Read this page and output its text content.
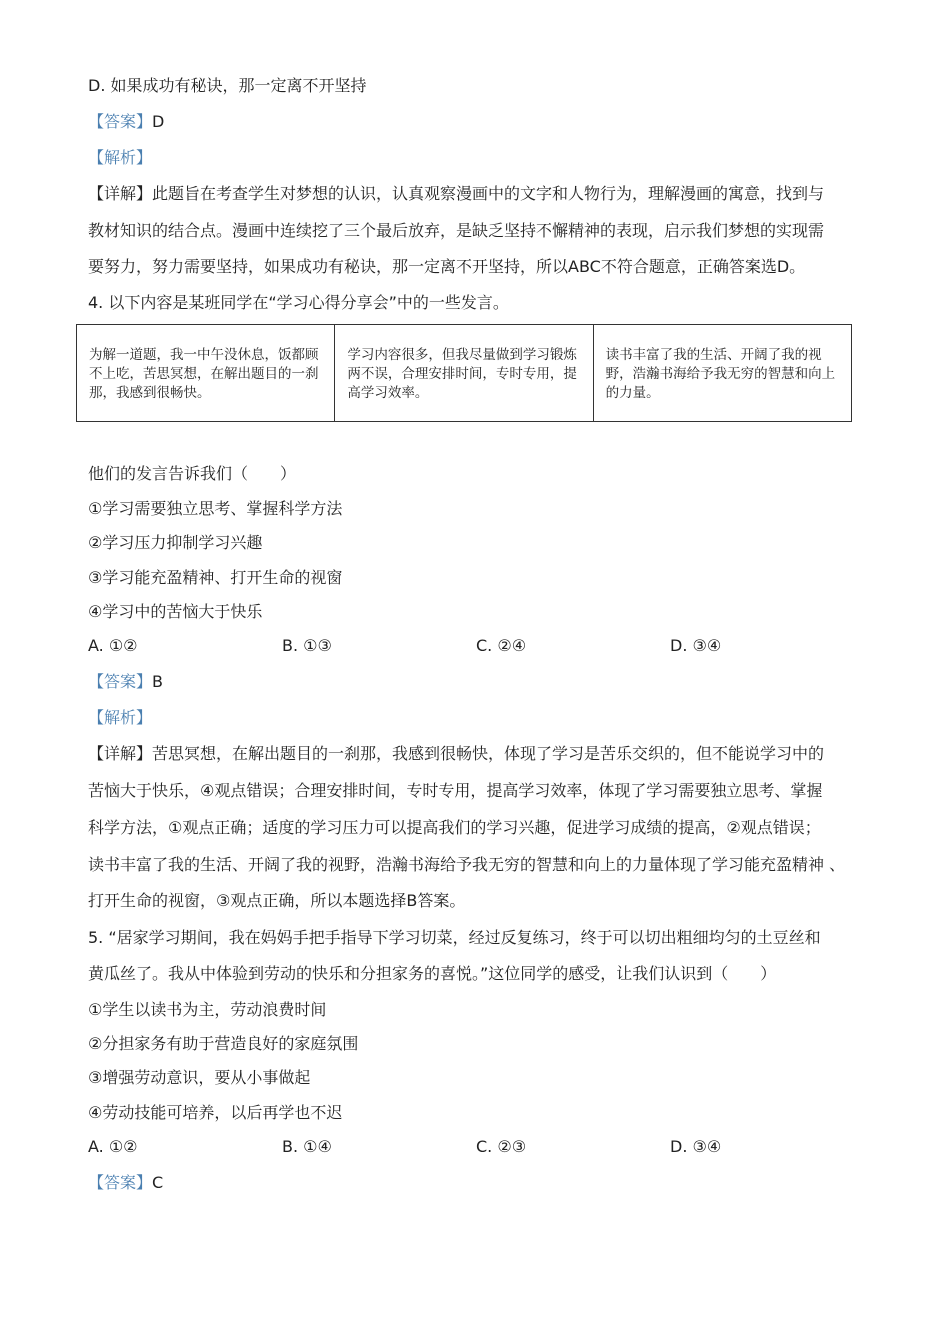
D. 如果成功有秘诀，那一定离不开坚持
【答案】D
【解析】
【详解】此题旨在考查学生对梦想的认识，认真观察漫画中的文字和人物行为，理解漫画的寓意，找到与
教材知识的结合点。漫画中连续挖了三个最后放弃，是缺乏坚持不懈精神的表现，启示我们梦想的实现需
要努力，努力需要坚持，如果成功有秘诀，那一定离不开坚持，所以ABC不符合题意，正确答案选D。
4. 以下内容是某班同学在“学习心得分享会”中的一些发言。
为解一道题，我一中午没休息，饭都顾不上吃，苦思冥想，在解出题目的一刹那，我感到很畅快。
学习内容很多，但我尽量做到学习锻炼两不误，合理安排时间，专时专用，提高学习效率。
读书丰富了我的生活、开阔了我的视野，浩瀚书海给予我无穷的智慧和向上的力量。
他们的发言告诉我们（　　）
①学习需要独立思考、掌握科学方法
②学习压力抑制学习兴趣
③学习能充盈精神、打开生命的视窗
④学习中的苦恼大于快乐
A. ①②	B. ①③	C. ②④	D. ③④
【答案】B
【解析】
【详解】苦思冥想，在解出题目的一刹那，我感到很畅快，体现了学习是苦乐交织的，但不能说学习中的
苦恼大于快乐，④观点错误；合理安排时间，专时专用，提高学习效率，体现了学习需要独立思考、掌握
科学方法，①观点正确；适度的学习压力可以提高我们的学习兴趣，促进学习成绩的提高，②观点错误；
读书丰富了我的生活、开阔了我的视野，浩瀚书海给予我无穷的智慧和向上的力量体现了学习能充盈精神 、
打开生命的视窗，③观点正确，所以本题选择B答案。
5. “居家学习期间，我在妈妈手把手指导下学习切菜，经过反复练习，终于可以切出粗细均匀的土豆丝和
黄瓜丝了。我从中体验到劳动的快乐和分担家务的喜悦。”这位同学的感受，让我们认识到（　　）
①学生以读书为主，劳动浪费时间
②分担家务有助于营造良好的家庭氛围
③增强劳动意识，要从小事做起
④劳动技能可培养，以后再学也不迟
A. ①②	B. ①④	C. ②③	D. ③④
【答案】C
